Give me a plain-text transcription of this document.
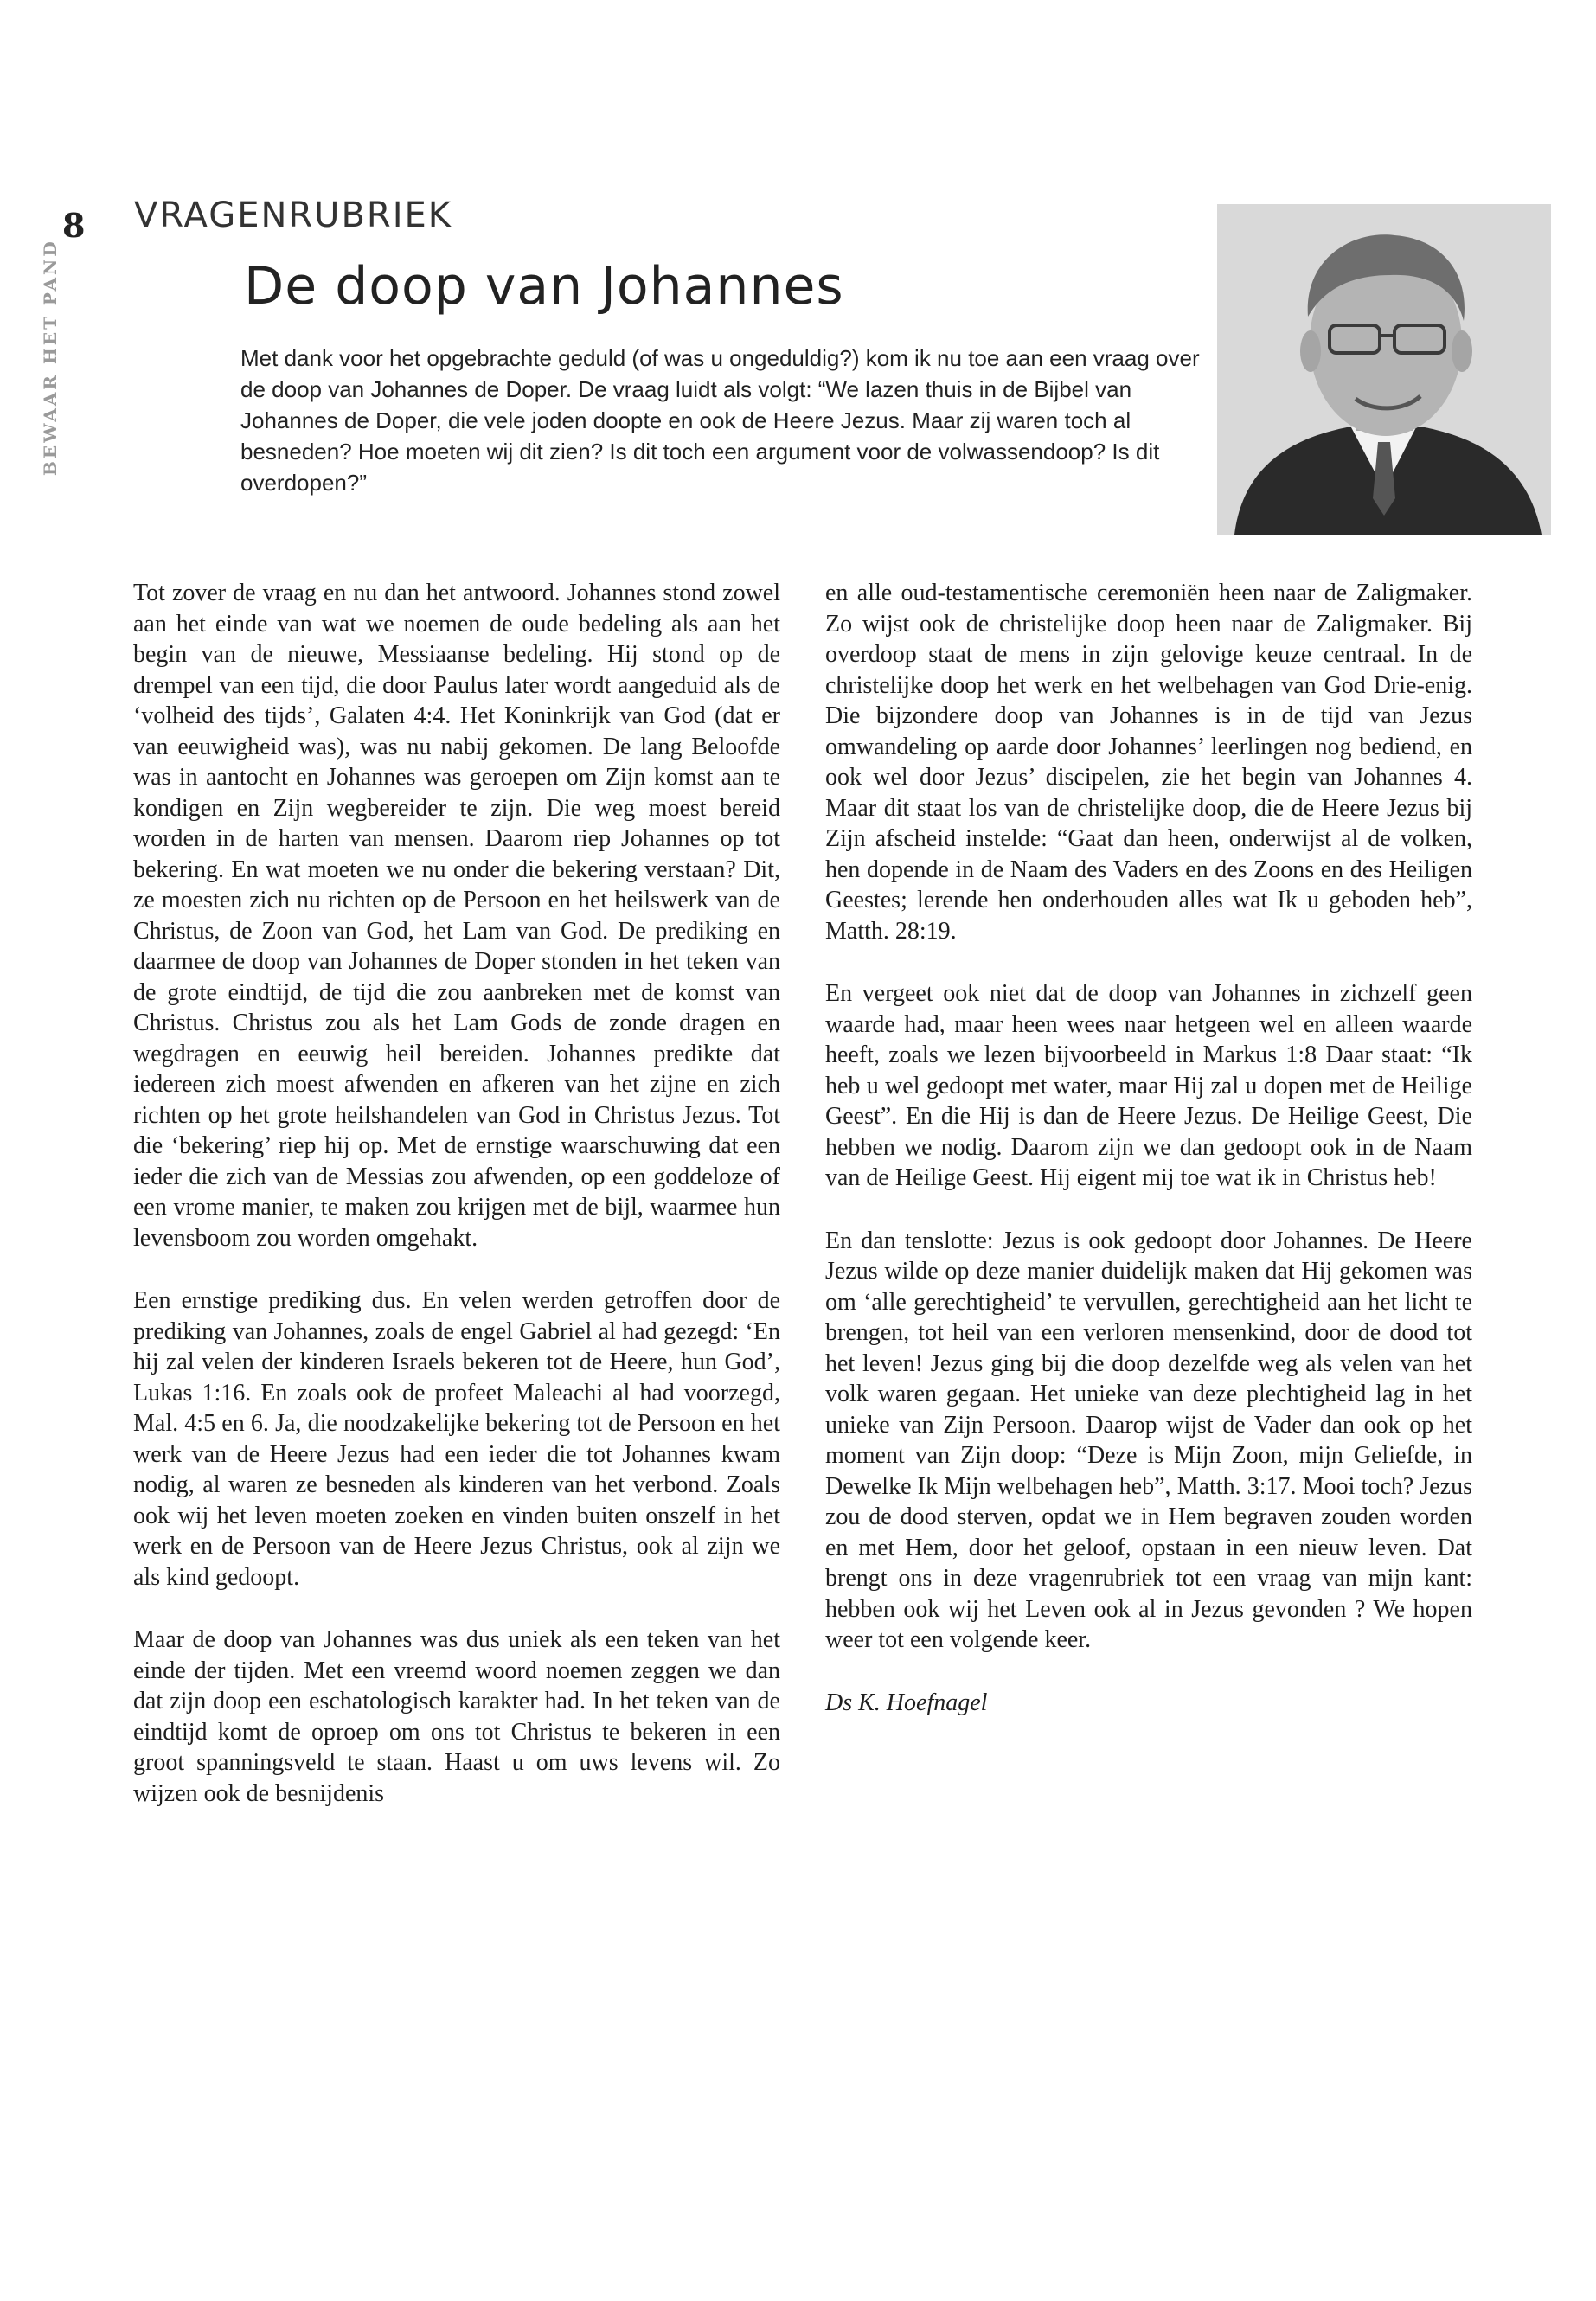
8
BEWAAR HET PAND
VRAGENRUBRIEK
De doop van Johannes

Met dank voor het opgebrachte geduld (of was u ongeduldig?) kom ik nu toe aan een vraag over de doop van Johannes de Doper. De vraag luidt als volgt: “We lazen thuis in de Bijbel van Johannes de Doper, die vele joden doopte en ook de Heere Jezus. Maar zij waren toch al besneden? Hoe moeten wij dit zien? Is dit toch een argument voor de volwassendoop? Is dit overdopen?”

Tot zover de vraag en nu dan het antwoord. Johannes stond zowel aan het einde van wat we noemen de oude bedeling als aan het begin van de nieuwe, Messiaanse bedeling. Hij stond op de drempel van een tijd, die door Paulus later wordt aangeduid als de ‘volheid des tijds’, Galaten 4:4. Het Koninkrijk van God (dat er van eeuwigheid was), was nu nabij gekomen. De lang Beloofde was in aantocht en Johannes was geroepen om Zijn komst aan te kondigen en Zijn wegbereider te zijn. Die weg moest bereid worden in de harten van mensen. Daarom riep Johannes op tot bekering. En wat moeten we nu onder die bekering verstaan? Dit, ze moesten zich nu richten op de Persoon en het heilswerk van de Christus, de Zoon van God, het Lam van God. De prediking en daarmee de doop van Johannes de Doper stonden in het teken van de grote eindtijd, de tijd die zou aanbreken met de komst van Christus. Christus zou als het Lam Gods de zonde dragen en wegdragen en eeuwig heil bereiden. Johannes predikte dat iedereen zich moest afwenden en afkeren van het zijne en zich richten op het grote heilshandelen van God in Christus Jezus. Tot die ‘bekering’ riep hij op. Met de ernstige waarschuwing dat een ieder die zich van de Messias zou afwenden, op een goddeloze of een vrome manier, te maken zou krijgen met de bijl, waarmee hun levensboom zou worden omgehakt.

Een ernstige prediking dus. En velen werden getroffen door de prediking van Johannes, zoals de engel Gabriel al had gezegd: ‘En hij zal velen der kinderen Israels bekeren tot de Heere, hun God’, Lukas 1:16. En zoals ook de profeet Maleachi al had voorzegd, Mal. 4:5 en 6. Ja, die noodzakelijke bekering tot de Persoon en het werk van de Heere Jezus had een ieder die tot Johannes kwam nodig, al waren ze besneden als kinderen van het verbond. Zoals ook wij het leven moeten zoeken en vinden buiten onszelf in het werk en de Persoon van de Heere Jezus Christus, ook al zijn we als kind gedoopt.

Maar de doop van Johannes was dus uniek als een teken van het einde der tijden. Met een vreemd woord noemen zeggen we dan dat zijn doop een eschatologisch karakter had. In het teken van de eindtijd komt de oproep om ons tot Christus te bekeren in een groot spanningsveld te staan. Haast u om uws levens wil. Zo wijzen ook de besnijdenis

en alle oud-testamentische ceremoniën heen naar de Zaligmaker. Zo wijst ook de christelijke doop heen naar de Zaligmaker. Bij overdoop staat de mens in zijn gelovige keuze centraal. In de christelijke doop het werk en het welbehagen van God Drie-enig. Die bijzondere doop van Johannes is in de tijd van Jezus omwandeling op aarde door Johannes’ leerlingen nog bediend, en ook wel door Jezus’ discipelen, zie het begin van Johannes 4. Maar dit staat los van de christelijke doop, die de Heere Jezus bij Zijn afscheid instelde: “Gaat dan heen, onderwijst al de volken, hen dopende in de Naam des Vaders en des Zoons en des Heiligen Geestes; lerende hen onderhouden alles wat Ik u geboden heb”, Matth. 28:19.

En vergeet ook niet dat de doop van Johannes in zichzelf geen waarde had, maar heen wees naar hetgeen wel en alleen waarde heeft, zoals we lezen bijvoorbeeld in Markus 1:8 Daar staat: “Ik heb u wel gedoopt met water, maar Hij zal u dopen met de Heilige Geest”. En die Hij is dan de Heere Jezus. De Heilige Geest, Die hebben we nodig. Daarom zijn we dan gedoopt ook in de Naam van de Heilige Geest. Hij eigent mij toe wat ik in Christus heb!

En dan tenslotte: Jezus is ook gedoopt door Johannes. De Heere Jezus wilde op deze manier duidelijk maken dat Hij gekomen was om ‘alle gerechtigheid’ te vervullen, gerechtigheid aan het licht te brengen, tot heil van een verloren mensenkind, door de dood tot het leven! Jezus ging bij die doop dezelfde weg als velen van het volk waren gegaan. Het unieke van deze plechtigheid lag in het unieke van Zijn Persoon. Daarop wijst de Vader dan ook op het moment van Zijn doop: “Deze is Mijn Zoon, mijn Geliefde, in Dewelke Ik Mijn welbehagen heb”, Matth. 3:17. Mooi toch? Jezus zou de dood sterven, opdat we in Hem begraven zouden worden en met Hem, door het geloof, opstaan in een nieuw leven. Dat brengt ons in deze vragenrubriek tot een vraag van mijn kant: hebben ook wij het Leven ook al in Jezus gevonden ? We hopen weer tot een volgende keer.

Ds K. Hoefnagel
